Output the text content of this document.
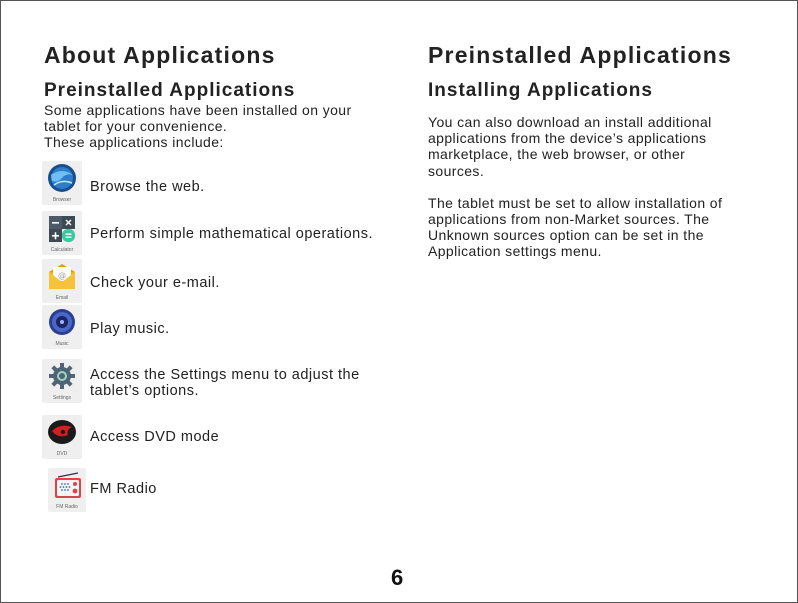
About Applications
Preinstalled Applications
Some applications have been installed on your
tablet for your convenience.
These applications include:
Browser
Browse the web.
Calculator
Perform simple mathematical operations.
@
Email
Check your e-mail.
Music
Play music.
Settings
Access the Settings menu to adjust the
tablet’s options.
DVD
Access DVD mode
FM Radio
FM Radio
Preinstalled Applications
Installing Applications
You can also download an install additional
applications from the device’s applications
marketplace, the web browser, or other
sources.
The tablet must be set to allow installation of
applications from non-Market sources. The
Unknown sources option can be set in the
Application settings menu.
6
